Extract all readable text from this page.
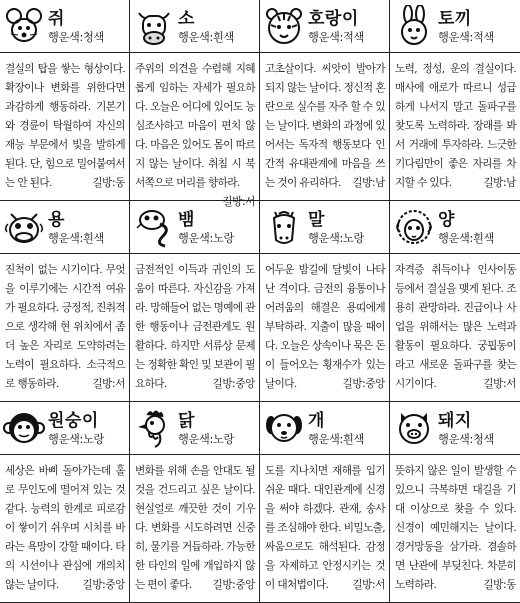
쥐
행운색:청색

결실의 탑을 쌓는 형상이다. 확장이나 변화를 위한다면 과감하게 행동하라. 기본기와 경륜이 탁월하여 자신의 재능 부문에서 빛을 발하게 된다. 단, 힘으로 밀어붙여서는 안 된다.	길방:동

소
행운색:흰색

주위의 의견을 수렴해 지혜롭게 임하는 자세가 필요하다. 오늘은 어디에 있어도 능심조사하고 마음이 편치 않다. 마음은 있어도 몸이 따르지 않는 날이다. 취침 시 북서쪽으로 머리를 향하라.
길방:서

호랑이
행운색:적색

고초살이다. 씨앗이 발아가 되지 않는 날이다. 정신적 혼란으로 실수를 자주 할 수 있는 날이다. 변화의 과정에 있어서는 독자적 행동보다 인간적 유대관계에 마음을 쓰는 것이 유리하다. 길방:남

토끼
행운색:적색

노력, 정성, 운의 결실이다. 매사에 애로가 따르니 성급하게 나서지 말고 돌파구를 찾도록 노력하라. 장래를 봐서 거래에 투자하라. 느긋한 기다림만이 좋은 자리를 차지할 수 있다.	길방:남

용
행운색:흰색

진척이 없는 시기이다. 무엇을 이루기에는 시간적 여유가 필요하다. 긍정적, 진취적으로 생각해 현 위치에서 좀 더 높은 자리로 도약하려는 노력이 필요하다. 소극적으로 행동하라.	길방:서

뱀
행운색:노랑

금전적인 이득과 귀인의 도움이 따른다. 자신감을 가져라. 망해들어 없는 명예에 관한 행동이나 금전관계도 원활하다. 하지만 서류상 문제는 정확한 확인 및 보관이 필요하다.	길방:중앙

말
행운색:노랑

어두운 밤길에 달빛이 나타난 격이다. 금전의 융통이나 어려움의 해결은 용띠에게 부탁하라. 지출이 많을 때이다. 오늘은 상속이나 묵은 돈이 들어오는 횡재수가 있는 날이다.	길방:중앙

양
행운색:흰색

자격증 취득이나 인사이동 등에서 결실을 맺게 된다. 조용히 관망하라. 진급이나 사업을 위해서는 많은 노력과 활동이 필요하다. 궁핍동이라고 새로운 돌파구를 찾는 시기이다.	길방:서

원숭이
행운색:노랑

세상은 바삐 돌아가는데 홀로 무인도에 떨어져 있는 것 같다. 능력의 한계로 피로감이 쌓이기 쉬우며 시치를 바라는 욕망이 강할 때이다. 타의 시선이나 관심에 개의치 않는 날이다. 길방:중앙

닭
행운색:노랑

변화를 위해 손을 안대도 될 것을 건드리고 싶은 날이다. 현실얼로 깨끗한 것이 기우다. 변화를 시도하려면 신중히, 물기를 거듭하라. 가능한 한 타인의 일에 개입하지 않는 편이 좋다. 길방:중앙

개
행운색:흰색

도를 지나치면 재해를 입기 쉬운 때다. 대인관계에 신경을 써야 하겠다. 관재, 송사를 조심해야 한다. 비밀노출, 싸움으로도 해석된다. 감정을 자제하고 안정시키는 것이 대처법이다. 길방:서

돼지
행운색:청색

뜻하지 않은 일이 발생할 수 있으니 극복하면 대길을 기대 이상으로 찾을 수 있다. 신경이 예민해지는 날이다. 경거망동을 삼가라. 겸솔하면 난관에 부딪친다. 차분히 노력하라.	길방:동
